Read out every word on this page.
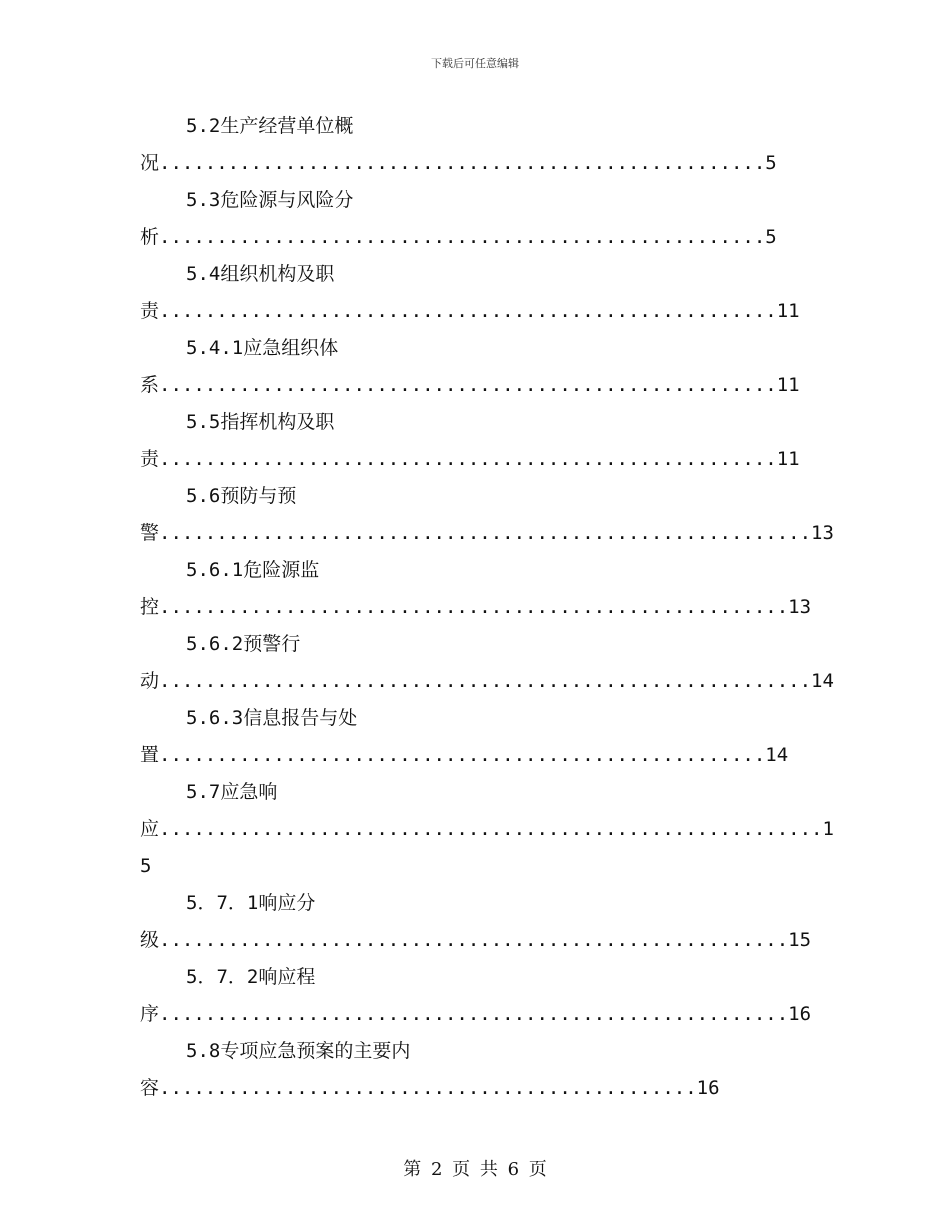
下载后可任意编辑
5.2生产经营单位概
况.....................................................5
5.3危险源与风险分
析.....................................................5
5.4组织机构及职
责......................................................11
5.4.1应急组织体
系......................................................11
5.5指挥机构及职
责......................................................11
5.6预防与预
警.........................................................13
5.6.1危险源监
控.......................................................13
5.6.2预警行
动.........................................................14
5.6.3信息报告与处
置.....................................................14
5.7应急响
应..........................................................1
5
5．7．1响应分
级.......................................................15
5．7．2响应程
序.......................................................16
5.8专项应急预案的主要内
容...............................................16
第 2 页 共 6 页
